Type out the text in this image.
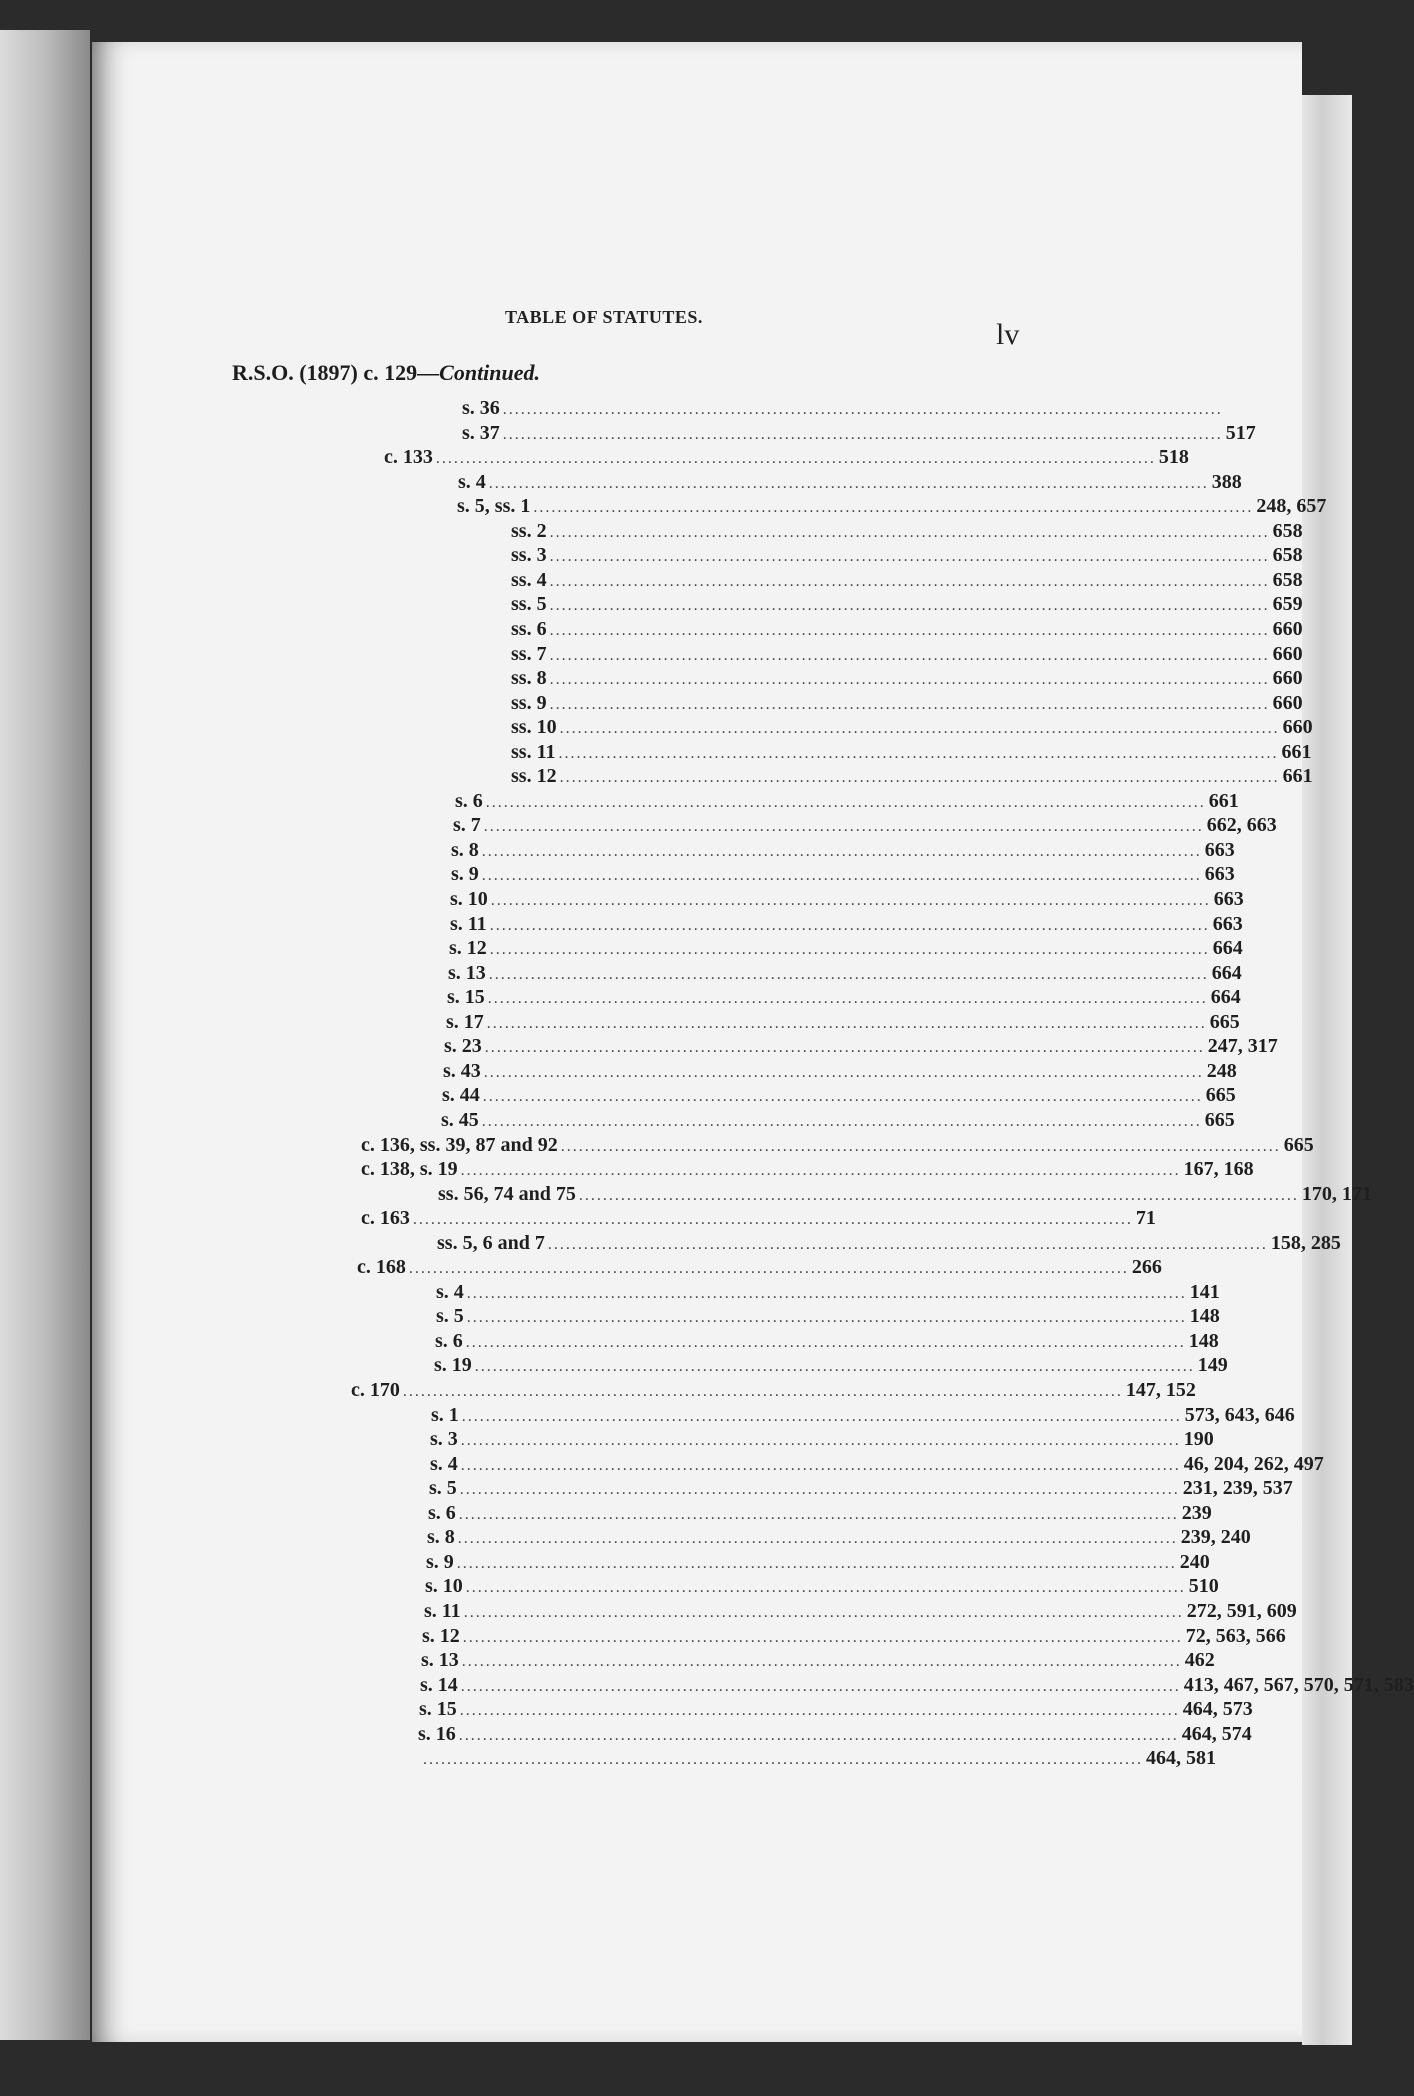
TABLE OF STATUTES.
lv
R.S.O. (1897) c. 129—Continued.
s. 36 ........................................................................................................................
s. 37 ........................................................................................................................ 517
c. 133 ........................................................................................................................ 518
s. 4 ........................................................................................................................ 388
s. 5, ss. 1 ........................................................................................................................ 248, 657
ss. 2 ........................................................................................................................ 658
ss. 3 ........................................................................................................................ 658
ss. 4 ........................................................................................................................ 658
ss. 5 ........................................................................................................................ 659
ss. 6 ........................................................................................................................ 660
ss. 7 ........................................................................................................................ 660
ss. 8 ........................................................................................................................ 660
ss. 9 ........................................................................................................................ 660
ss. 10 ........................................................................................................................ 660
ss. 11 ........................................................................................................................ 661
ss. 12 ........................................................................................................................ 661
s. 6 ........................................................................................................................ 661
s. 7 ........................................................................................................................ 662, 663
s. 8 ........................................................................................................................ 663
s. 9 ........................................................................................................................ 663
s. 10 ........................................................................................................................ 663
s. 11 ........................................................................................................................ 663
s. 12 ........................................................................................................................ 664
s. 13 ........................................................................................................................ 664
s. 15 ........................................................................................................................ 664
s. 17 ........................................................................................................................ 665
s. 23 ........................................................................................................................ 247, 317
s. 43 ........................................................................................................................ 248
s. 44 ........................................................................................................................ 665
s. 45 ........................................................................................................................ 665
c. 136, ss. 39, 87 and 92 ........................................................................................................................ 665
c. 138, s. 19 ........................................................................................................................ 167, 168
ss. 56, 74 and 75 ........................................................................................................................ 170, 171
c. 163 ........................................................................................................................ 71
ss. 5, 6 and 7 ........................................................................................................................ 158, 285
c. 168 ........................................................................................................................ 266
s. 4 ........................................................................................................................ 141
s. 5 ........................................................................................................................ 148
s. 6 ........................................................................................................................ 148
s. 19 ........................................................................................................................ 149
c. 170 ........................................................................................................................ 147, 152
s. 1 ........................................................................................................................ 573, 643, 646
s. 3 ........................................................................................................................ 190
s. 4 ........................................................................................................................ 46, 204, 262, 497
s. 5 ........................................................................................................................ 231, 239, 537
s. 6 ........................................................................................................................ 239
s. 8 ........................................................................................................................ 239, 240
s. 9 ........................................................................................................................ 240
s. 10 ........................................................................................................................ 510
s. 11 ........................................................................................................................ 272, 591, 609
s. 12 ........................................................................................................................ 72, 563, 566
s. 13 ........................................................................................................................ 462
s. 14 ........................................................................................................................ 413, 467, 567, 570, 571, 583
s. 15 ........................................................................................................................ 464, 573
s. 16 ........................................................................................................................ 464, 574
........................................................................................................................ 464, 581
